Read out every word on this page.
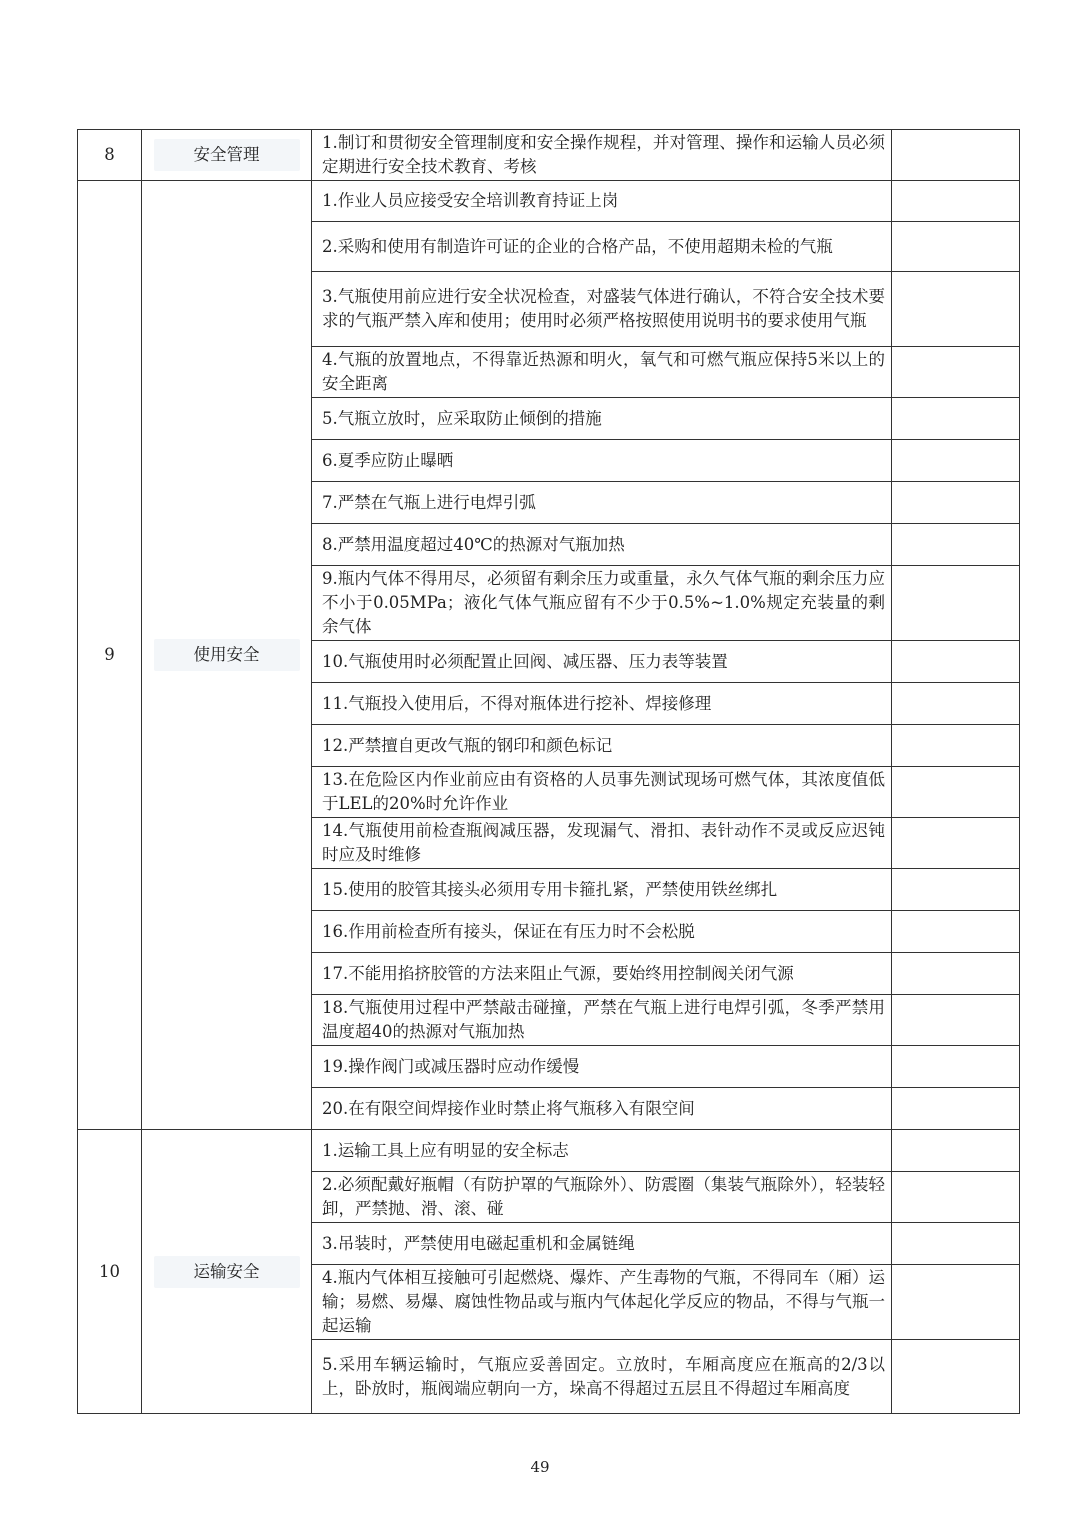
8	安全管理	1.制订和贯彻安全管理制度和安全操作规程，并对管理、操作和运输人员必须定期进行安全技术教育、考核	
9	使用安全	1.作业人员应接受安全培训教育持证上岗	
		2.采购和使用有制造许可证的企业的合格产品，不使用超期未检的气瓶	
		3.气瓶使用前应进行安全状况检查，对盛装气体进行确认，不符合安全技术要求的气瓶严禁入库和使用；使用时必须严格按照使用说明书的要求使用气瓶	
		4.气瓶的放置地点，不得靠近热源和明火，氧气和可燃气瓶应保持5米以上的安全距离	
		5.气瓶立放时，应采取防止倾倒的措施	
		6.夏季应防止曝晒	
		7.严禁在气瓶上进行电焊引弧	
		8.严禁用温度超过40℃的热源对气瓶加热	
		9.瓶内气体不得用尽，必须留有剩余压力或重量，永久气体气瓶的剩余压力应不小于0.05MPa；液化气体气瓶应留有不少于0.5%~1.0%规定充装量的剩余气体	
		10.气瓶使用时必须配置止回阀、减压器、压力表等装置	
		11.气瓶投入使用后，不得对瓶体进行挖补、焊接修理	
		12.严禁擅自更改气瓶的钢印和颜色标记	
		13.在危险区内作业前应由有资格的人员事先测试现场可燃气体，其浓度值低于LEL的20%时允许作业	
		14.气瓶使用前检查瓶阀减压器，发现漏气、滑扣、表针动作不灵或反应迟钝时应及时维修	
		15.使用的胶管其接头必须用专用卡箍扎紧，严禁使用铁丝绑扎	
		16.作用前检查所有接头，保证在有压力时不会松脱	
		17.不能用掐挤胶管的方法来阻止气源，要始终用控制阀关闭气源	
		18.气瓶使用过程中严禁敲击碰撞，严禁在气瓶上进行电焊引弧，冬季严禁用温度超40的热源对气瓶加热	
		19.操作阀门或减压器时应动作缓慢	
		20.在有限空间焊接作业时禁止将气瓶移入有限空间	
10	运输安全	1.运输工具上应有明显的安全标志	
		2.必须配戴好瓶帽（有防护罩的气瓶除外）、防震圈（集装气瓶除外），轻装轻卸，严禁抛、滑、滚、碰	
		3.吊装时，严禁使用电磁起重机和金属链绳	
		4.瓶内气体相互接触可引起燃烧、爆炸、产生毒物的气瓶，不得同车（厢）运输；易燃、易爆、腐蚀性物品或与瓶内气体起化学反应的物品，不得与气瓶一起运输	
		5.采用车辆运输时，气瓶应妥善固定。立放时，车厢高度应在瓶高的2/3以上，卧放时，瓶阀端应朝向一方，垛高不得超过五层且不得超过车厢高度	
49
